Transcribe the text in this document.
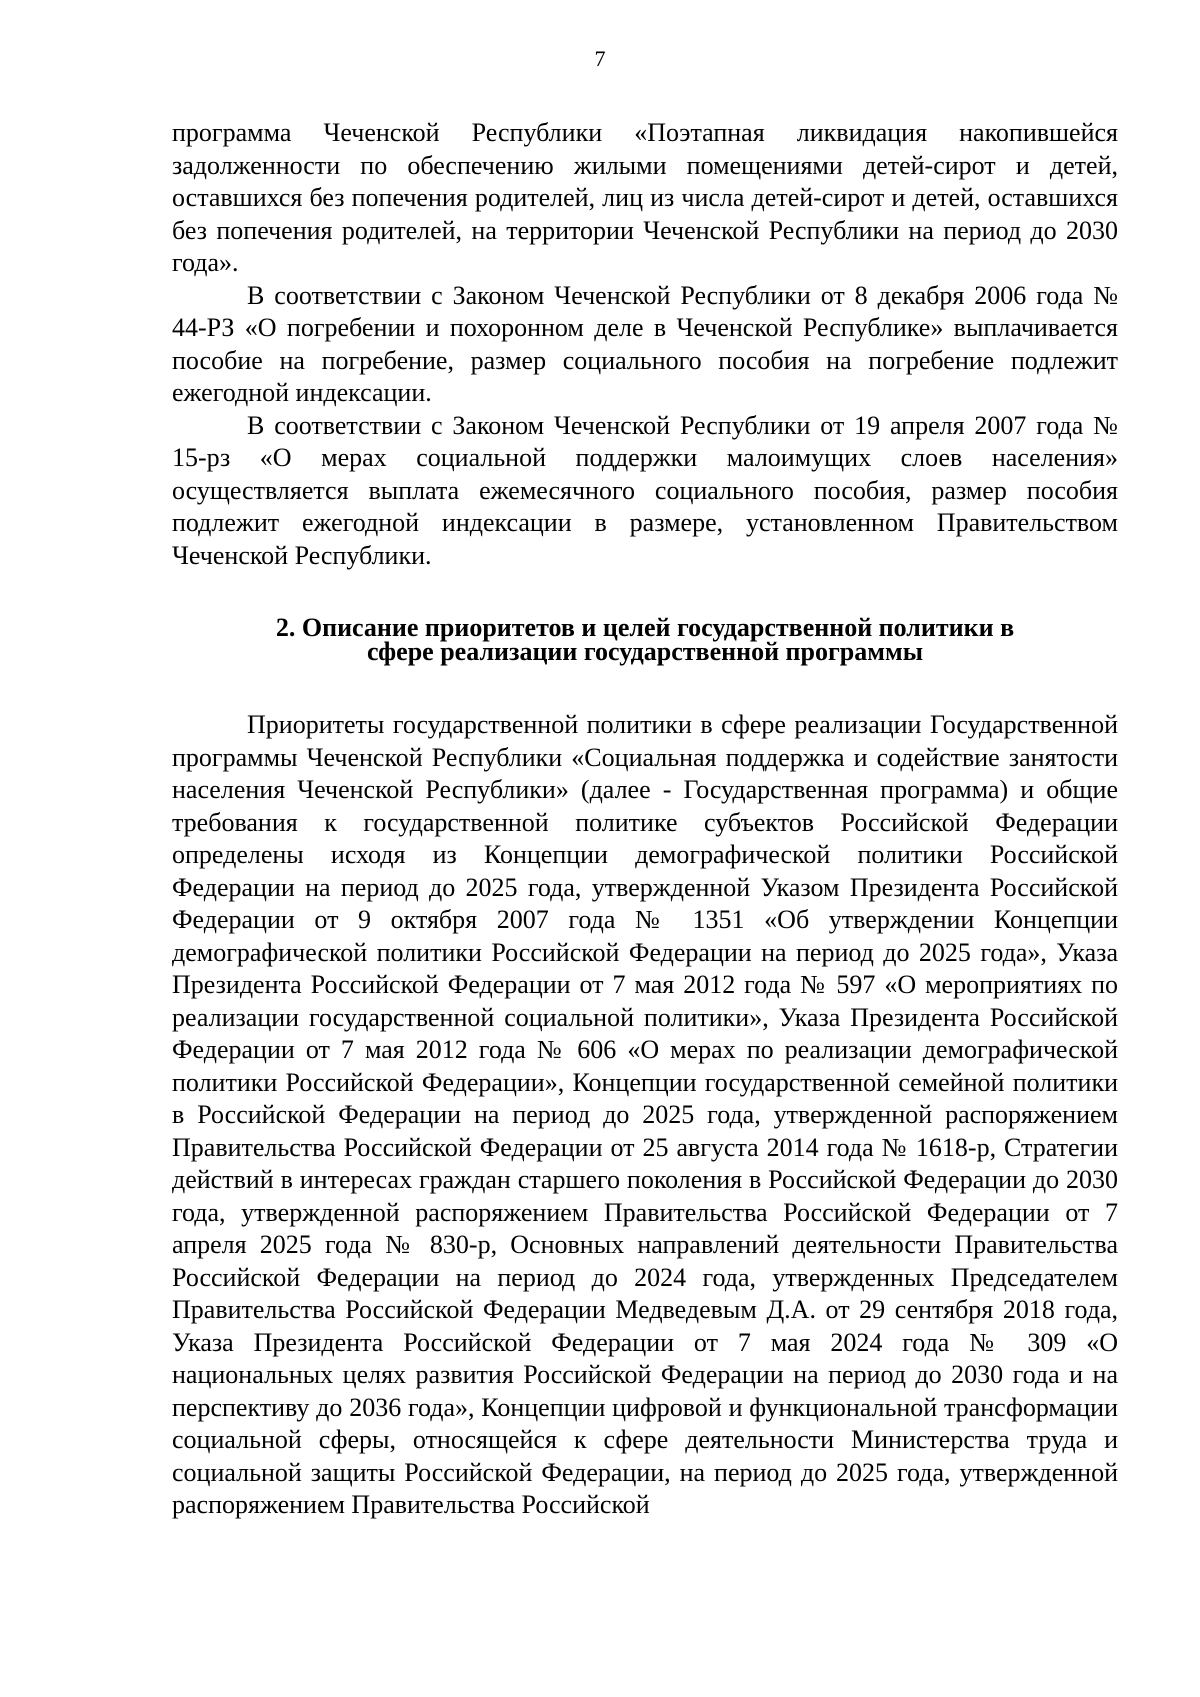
7

программа Чеченской Республики «Поэтапная ликвидация накопившейся задолженности по обеспечению жилыми помещениями детей-сирот и детей, оставшихся без попечения родителей, лиц из числа детей-сирот и детей, оставшихся без попечения родителей, на территории Чеченской Республики на период до 2030 года».

В соответствии с Законом Чеченской Республики от 8 декабря 2006 года № 44-РЗ «О погребении и похоронном деле в Чеченской Республике» выплачивается пособие на погребение, размер социального пособия на погребение подлежит ежегодной индексации.

В соответствии с Законом Чеченской Республики от 19 апреля 2007 года № 15-рз «О мерах социальной поддержки малоимущих слоев населения» осуществляется выплата ежемесячного социального пособия, размер пособия подлежит ежегодной индексации в размере, установленном Правительством Чеченской Республики.

2. Описание приоритетов и целей государственной политики в
сфере реализации государственной программы

Приоритеты государственной политики в сфере реализации Государственной программы Чеченской Республики «Социальная поддержка и содействие занятости населения Чеченской Республики» (далее - Государственная программа) и общие требования к государственной политике субъектов Российской Федерации определены исходя из Концепции демографической политики Российской Федерации на период до 2025 года, утвержденной Указом Президента Российской Федерации от 9 октября 2007 года № 1351 «Об утверждении Концепции демографической политики Российской Федерации на период до 2025 года», Указа Президента Российской Федерации от 7 мая 2012 года № 597 «О мероприятиях по реализации государственной социальной политики», Указа Президента Российской Федерации от 7 мая 2012 года № 606 «О мерах по реализации демографической политики Российской Федерации», Концепции государственной семейной политики в Российской Федерации на период до 2025 года, утвержденной распоряжением Правительства Российской Федерации от 25 августа 2014 года № 1618-р, Стратегии действий в интересах граждан старшего поколения в Российской Федерации до 2030 года, утвержденной распоряжением Правительства Российской Федерации от 7 апреля 2025 года № 830-р, Основных направлений деятельности Правительства Российской Федерации на период до 2024 года, утвержденных Председателем Правительства Российской Федерации Медведевым Д.А. от 29 сентября 2018 года, Указа Президента Российской Федерации от 7 мая 2024 года № 309 «О национальных целях развития Российской Федерации на период до 2030 года и на перспективу до 2036 года», Концепции цифровой и функциональной трансформации социальной сферы, относящейся к сфере деятельности Министерства труда и социальной защиты Российской Федерации, на период до 2025 года, утвержденной распоряжением Правительства Российской
